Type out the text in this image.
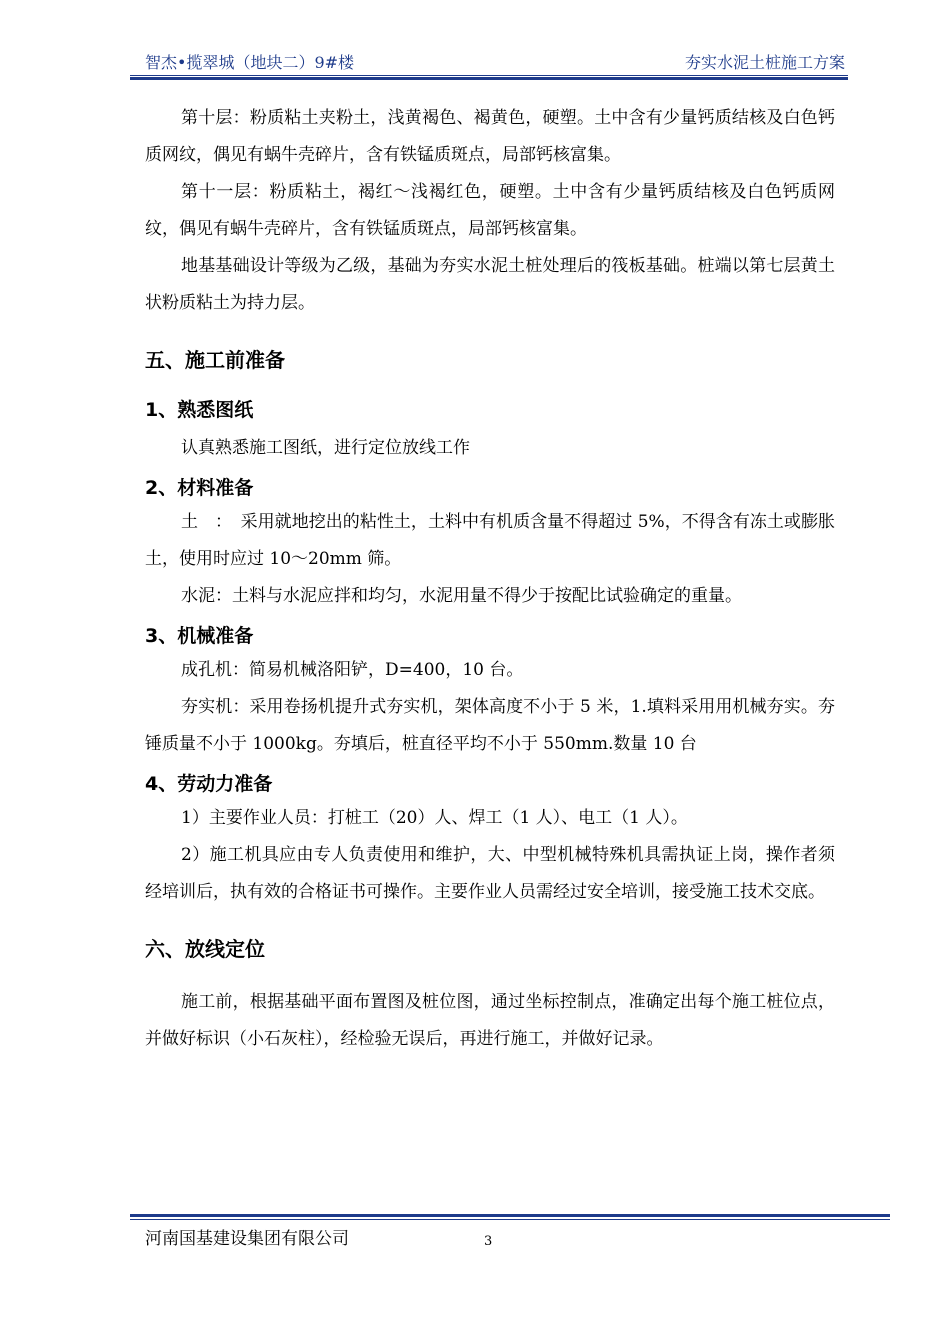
智杰•揽翠城（地块二）9#楼	夯实水泥土桩施工方案

第十层：粉质粘土夹粉土，浅黄褐色、褐黄色，硬塑。土中含有少量钙质结核及白色钙质网纹，偶见有蜗牛壳碎片，含有铁锰质斑点，局部钙核富集。

第十一层：粉质粘土，褐红～浅褐红色，硬塑。土中含有少量钙质结核及白色钙质网纹，偶见有蜗牛壳碎片，含有铁锰质斑点，局部钙核富集。

地基基础设计等级为乙级，基础为夯实水泥土桩处理后的筏板基础。桩端以第七层黄土状粉质粘土为持力层。

五、施工前准备
1、熟悉图纸

认真熟悉施工图纸，进行定位放线工作

2、材料准备

土　：　采用就地挖出的粘性土，土料中有机质含量不得超过 5%，不得含有冻土或膨胀土，使用时应过 10～20mm 筛。

水泥：土料与水泥应拌和均匀，水泥用量不得少于按配比试验确定的重量。

3、机械准备

成孔机：简易机械洛阳铲，D=400，10 台。

夯实机：采用卷扬机提升式夯实机，架体高度不小于 5 米，1.填料采用用机械夯实。夯锤质量不小于 1000kg。夯填后，桩直径平均不小于 550mm.数量 10 台

4、劳动力准备

1）主要作业人员：打桩工（20）人、焊工（1 人）、电工（1 人）。

2）施工机具应由专人负责使用和维护，大、中型机械特殊机具需执证上岗，操作者须经培训后，执有效的合格证书可操作。主要作业人员需经过安全培训，接受施工技术交底。

六、放线定位

施工前，根据基础平面布置图及桩位图，通过坐标控制点，准确定出每个施工桩位点，并做好标识（小石灰柱），经检验无误后，再进行施工，并做好记录。

河南国基建设集团有限公司	3
